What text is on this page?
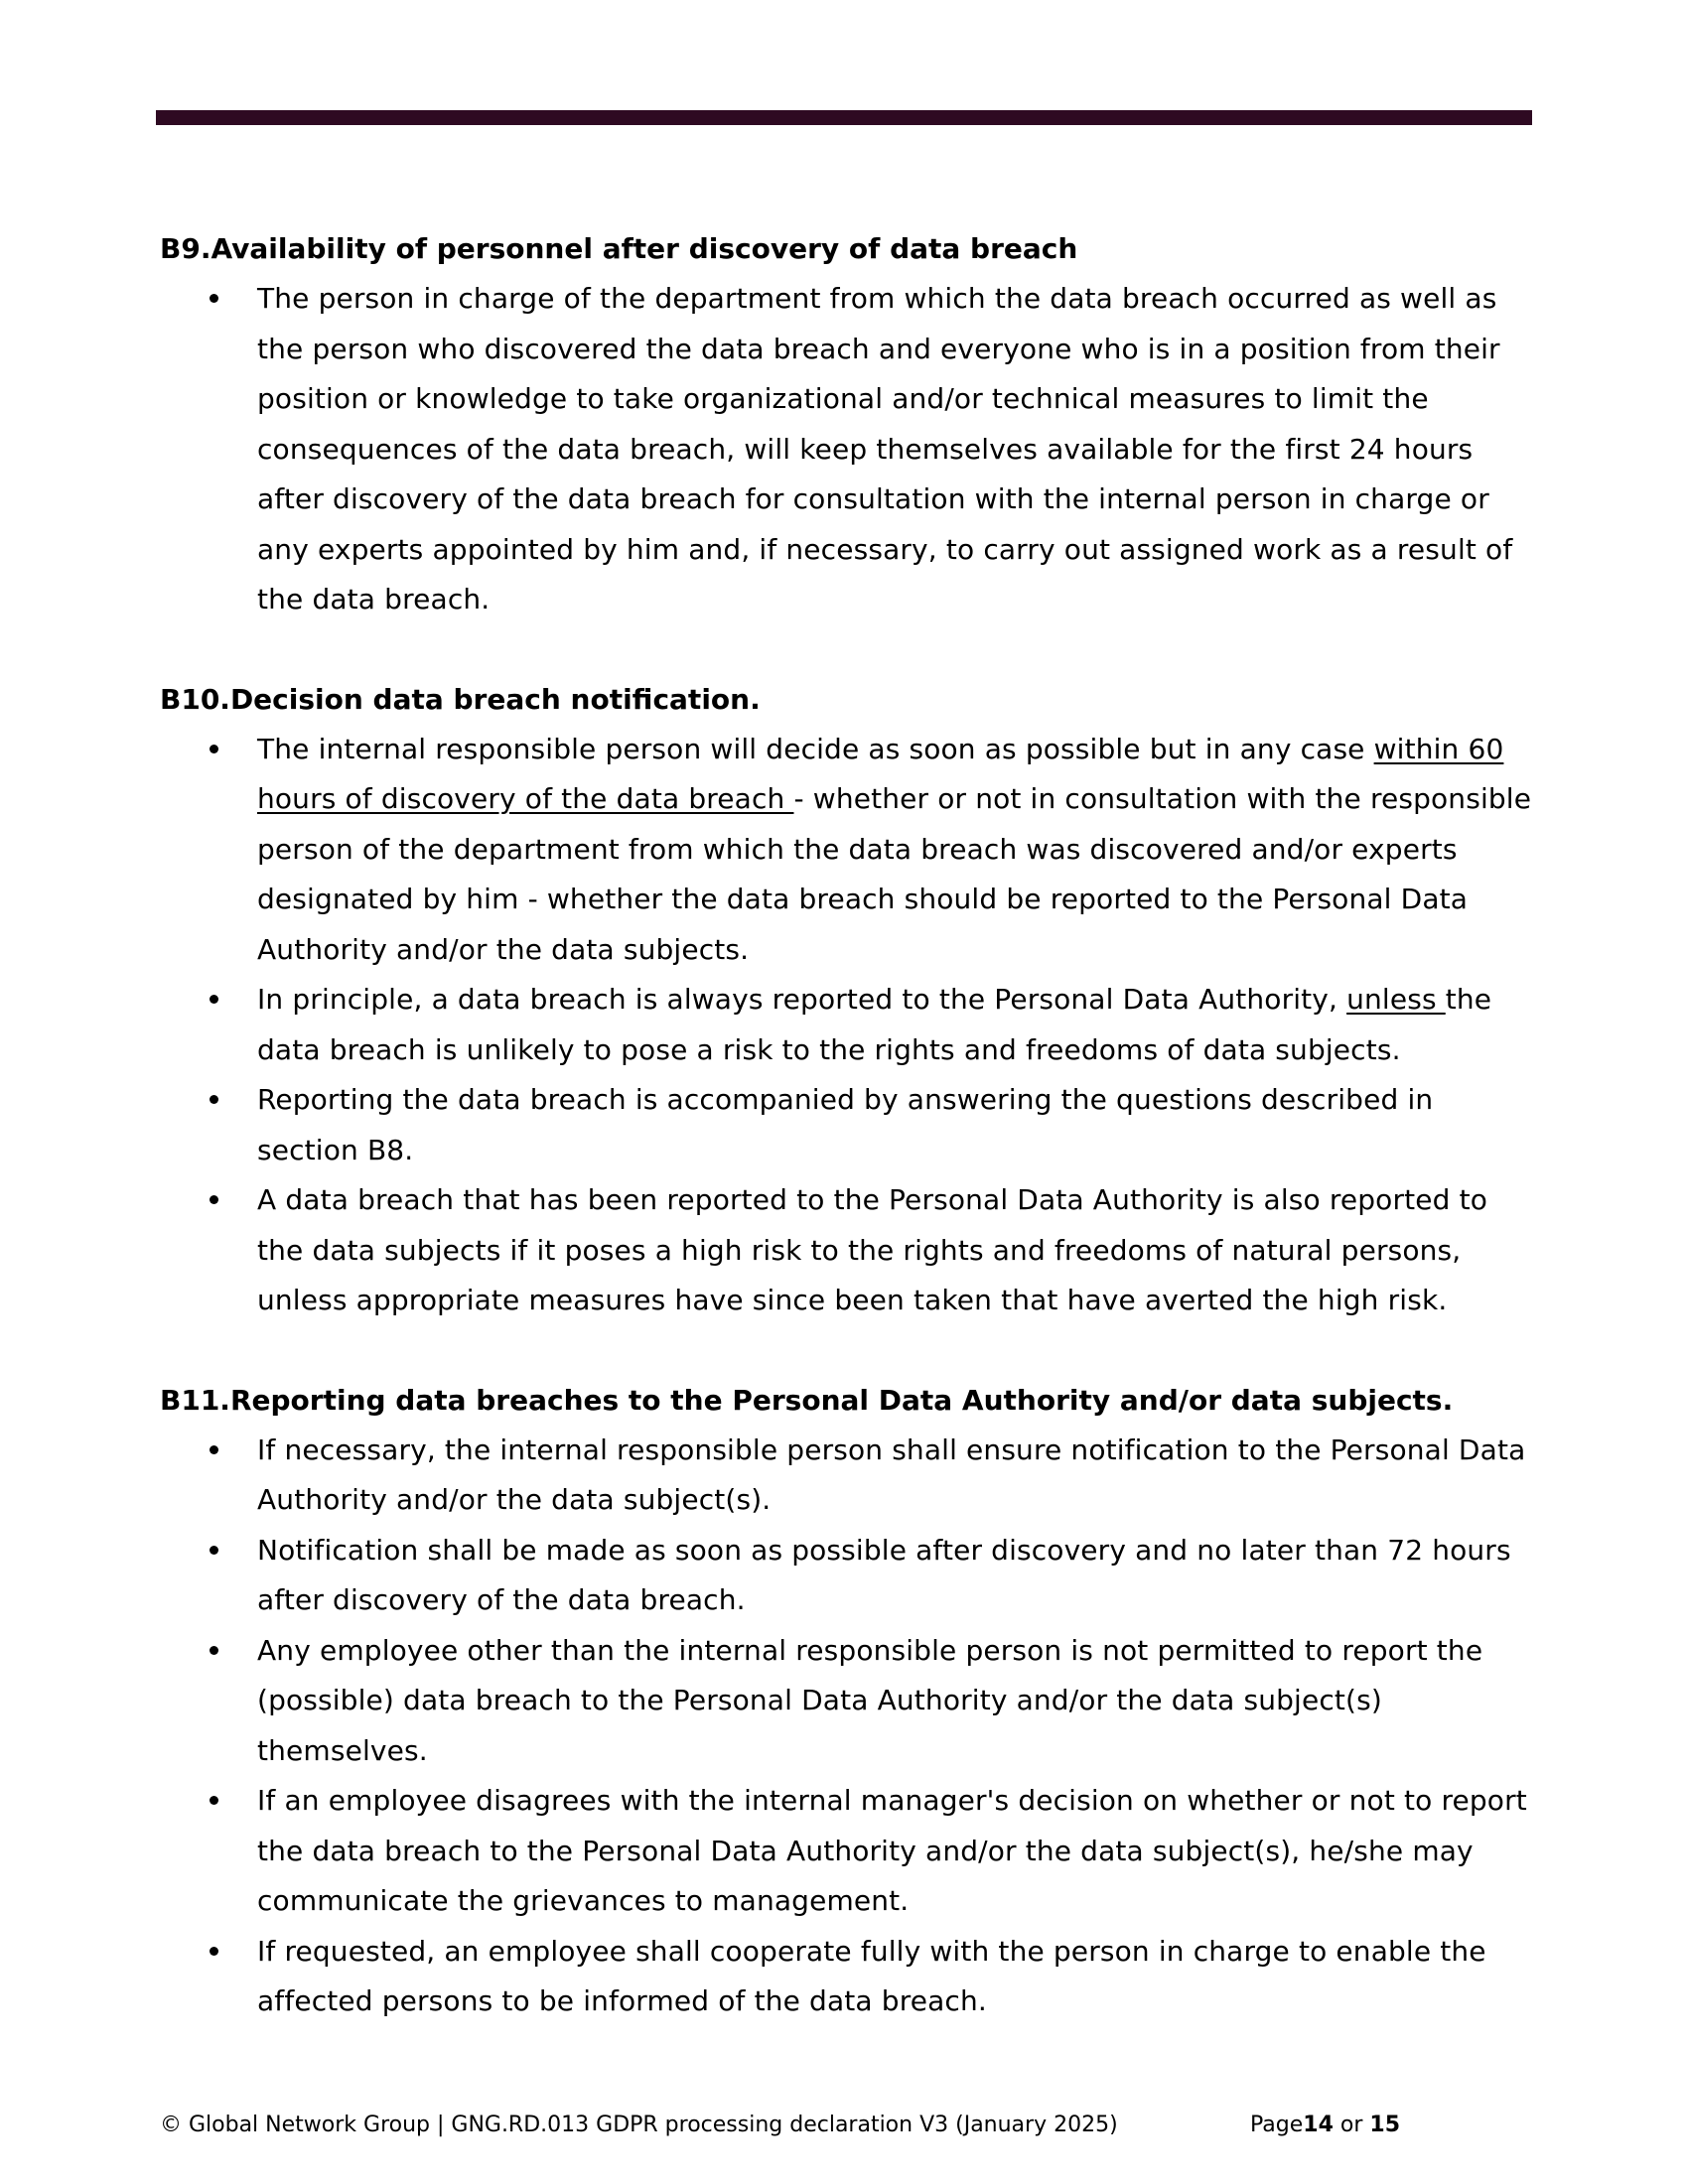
B9.Availability of personnel after discovery of data breach

The person in charge of the department from which the data breach occurred as well as the person who discovered the data breach and everyone who is in a position from their position or knowledge to take organizational and/or technical measures to limit the consequences of the data breach, will keep themselves available for the first 24 hours after discovery of the data breach for consultation with the internal person in charge or any experts appointed by him and, if necessary, to carry out assigned work as a result of the data breach.

B10.Decision data breach notification.

The internal responsible person will decide as soon as possible but in any case within 60 hours of discovery of the data breach - whether or not in consultation with the responsible person of the department from which the data breach was discovered and/or experts designated by him - whether the data breach should be reported to the Personal Data Authority and/or the data subjects.
In principle, a data breach is always reported to the Personal Data Authority, unless the data breach is unlikely to pose a risk to the rights and freedoms of data subjects.
Reporting the data breach is accompanied by answering the questions described in section B8.
A data breach that has been reported to the Personal Data Authority is also reported to the data subjects if it poses a high risk to the rights and freedoms of natural persons, unless appropriate measures have since been taken that have averted the high risk.

B11.Reporting data breaches to the Personal Data Authority and/or data subjects.

If necessary, the internal responsible person shall ensure notification to the Personal Data Authority and/or the data subject(s).
Notification shall be made as soon as possible after discovery and no later than 72 hours after discovery of the data breach.
Any employee other than the internal responsible person is not permitted to report the (possible) data breach to the Personal Data Authority and/or the data subject(s) themselves.
If an employee disagrees with the internal manager's decision on whether or not to report the data breach to the Personal Data Authority and/or the data subject(s), he/she may communicate the grievances to management.
If requested, an employee shall cooperate fully with the person in charge to enable the affected persons to be informed of the data breach.
© Global Network Group | GNG.RD.013 GDPR processing declaration V3 (January 2025)	Page14 or 15
